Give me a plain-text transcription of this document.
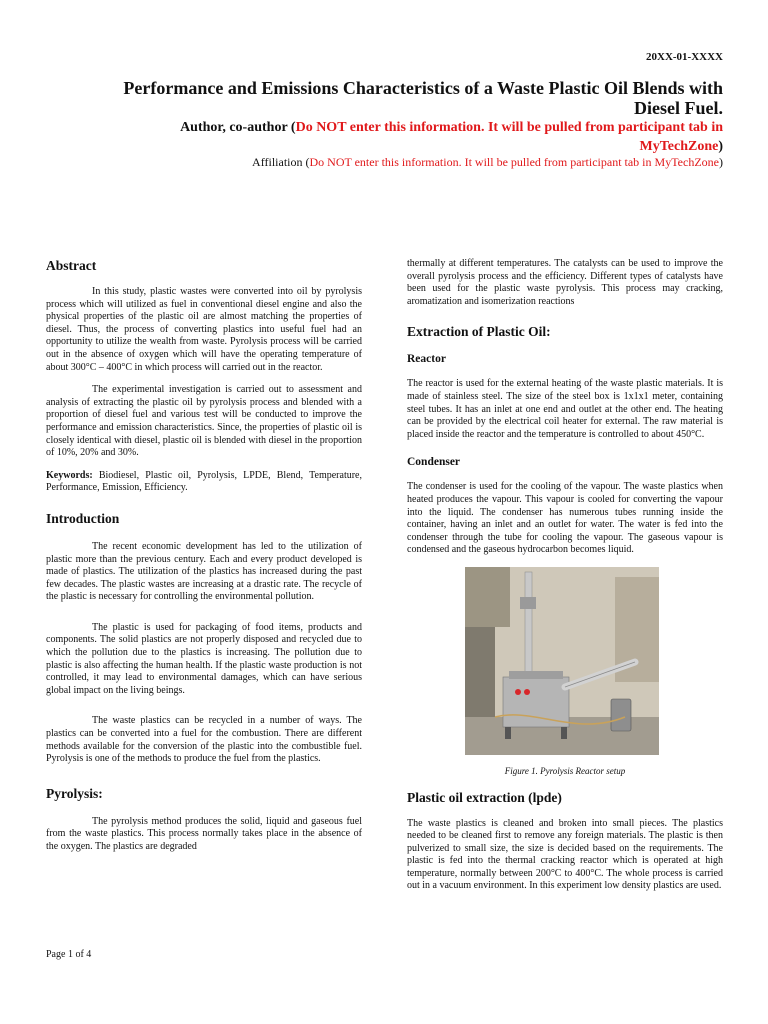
20XX-01-XXXX
Performance and Emissions Characteristics of a Waste Plastic Oil Blends with Diesel Fuel.
Author, co-author (Do NOT enter this information. It will be pulled from participant tab in MyTechZone)
Affiliation (Do NOT enter this information. It will be pulled from participant tab in MyTechZone)
Abstract

In this study, plastic wastes were converted into oil by pyrolysis process which will utilized as fuel in conventional diesel engine and also the physical properties of the plastic oil are almost matching the properties of diesel. Thus, the process of converting plastics into useful fuel had an opportunity to utilize the wealth from waste. Pyrolysis process will be carried out in the absence of oxygen which will have the operating temperature of about 300°C – 400°C in which process will carried out in the reactor.

The experimental investigation is carried out to assessment and analysis of extracting the plastic oil by pyrolysis process and blended with a proportion of diesel fuel and various test will be conducted to improve the performance and emission characteristics. Since, the properties of plastic oil is closely identical with diesel, plastic oil is blended with diesel in the proportion of 10%, 20% and 30%.

Keywords: Biodiesel, Plastic oil, Pyrolysis, LPDE, Blend, Temperature, Performance, Emission, Efficiency.

Introduction

The recent economic development has led to the utilization of plastic more than the previous century. Each and every product developed is made of plastics. The utilization of the plastics has increased during the past few decades. The plastic wastes are increasing at a drastic rate. The recycle of the plastic is necessary for controlling the environmental pollution.

The plastic is used for packaging of food items, products and components. The solid plastics are not properly disposed and recycled due to which the pollution due to the plastics is increasing. The pollution due to plastic is also affecting the human health. If the plastic waste production is not controlled, it may lead to environmental damages, which can have serious global impact on the living beings.

The waste plastics can be recycled in a number of ways. The plastics can be converted into a fuel for the combustion. There are different methods available for the conversion of the plastic into the combustible fuel. Pyrolysis is one of the methods to produce the fuel from the plastics.

Pyrolysis:

The pyrolysis method produces the solid, liquid and gaseous fuel from the waste plastics. This process normally takes place in the absence of the oxygen. The plastics are degraded

thermally at different temperatures. The catalysts can be used to improve the overall pyrolysis process and the efficiency. Different types of catalysts have been used for the plastic waste pyrolysis. This process may cracking, aromatization and isomerization reactions

Extraction of Plastic Oil:
Reactor

The reactor is used for the external heating of the waste plastic materials. It is made of stainless steel. The size of the steel box is 1x1x1 meter, containing steel tubes. It has an inlet at one end and outlet at the other end. The heating can be provided by the electrical coil heater for external. The raw material is placed inside the reactor and the temperature is controlled to about 450°C.

Condenser

The condenser is used for the cooling of the vapour. The waste plastics when heated produces the vapour. This vapour is cooled for converting the vapour into the liquid. The condenser has numerous tubes running inside the container, having an inlet and an outlet for water. The water is fed into the condenser through the tube for cooling the vapour. The gaseous vapour is condensed and the gaseous hydrocarbon becomes liquid.

Figure 1. Pyrolysis Reactor setup
Plastic oil extraction (lpde)

The waste plastics is cleaned and broken into small pieces. The plastics needed to be cleaned first to remove any foreign materials. The plastic is then pulverized to small size, the size is decided based on the requirements. The plastic is fed into the thermal cracking reactor which is operated at high temperature, normally between 200°C to 400°C. The whole process is carried out in a vacuum environment. In this experiment low density plastics are used.

Page 1 of 4
